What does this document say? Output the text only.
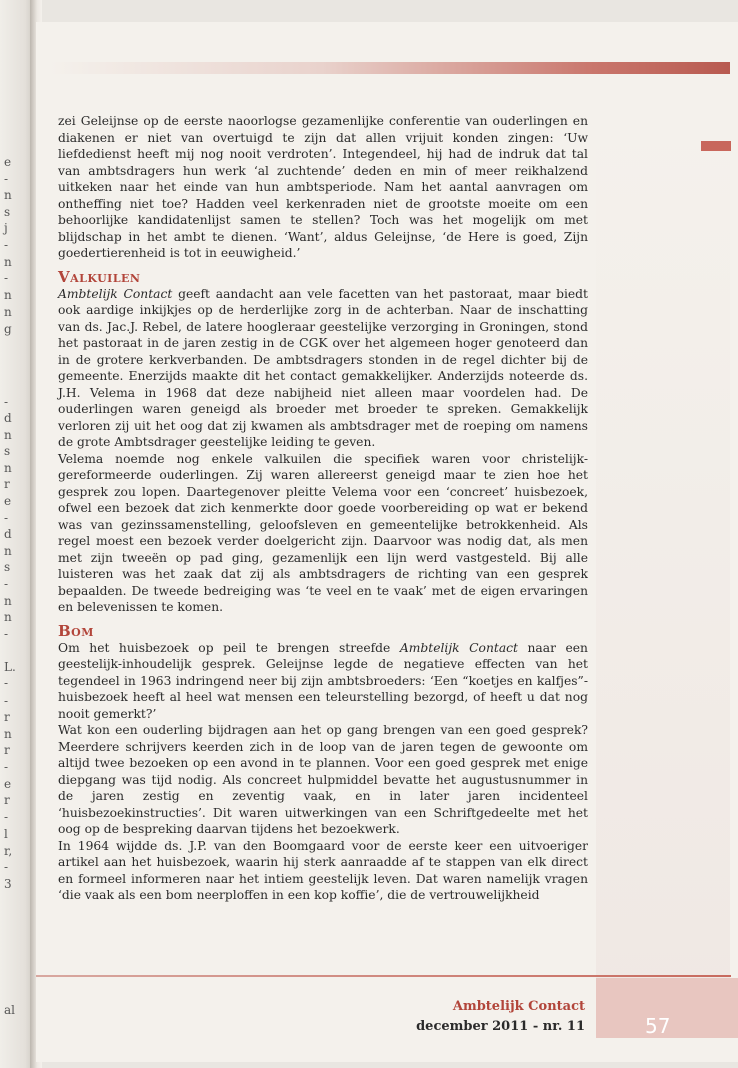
e
-
n
s
j
-
n
-
n
n
g
-
d
n
s
n
r
e
-
d
n
s
-
n
n
-
L.
-
-
r
n
r
-
e
r
-
l
r,
-
3
al

zei Geleijnse op de eerste naoorlogse gezamenlijke conferentie van ouderlingen en diakenen er niet van overtuigd te zijn dat allen vrijuit konden zingen: ‘Uw liefdedienst heeft mij nog nooit verdroten’. Integendeel, hij had de indruk dat tal van ambtsdragers hun werk ‘al zuchtende’ deden en min of meer reikhalzend uitkeken naar het einde van hun ambtsperiode. Nam het aantal aanvragen om ontheffing niet toe? Hadden veel kerkenraden niet de grootste moeite om een behoorlijke kandidatenlijst samen te stellen? Toch was het mogelijk om met blijdschap in het ambt te dienen. ‘Want’, aldus Geleijnse, ‘de Here is goed, Zijn goedertierenheid is tot in eeuwigheid.’

Valkuilen

Ambtelijk Contact geeft aandacht aan vele facetten van het pastoraat, maar biedt ook aardige inkijkjes op de herderlijke zorg in de achterban. Naar de inschatting van ds. Jac.J. Rebel, de latere hoogleraar geestelijke verzorging in Groningen, stond het pastoraat in de jaren zestig in de CGK over het algemeen hoger genoteerd dan in de grotere kerkverbanden. De ambtsdragers stonden in de regel dichter bij de gemeente. Enerzijds maakte dit het contact gemakkelijker. Anderzijds noteerde ds. J.H. Velema in 1968 dat deze nabijheid niet alleen maar voordelen had. De ouderlingen waren geneigd als broeder met broeder te spreken. Gemakkelijk verloren zij uit het oog dat zij kwamen als ambtsdrager met de roeping om namens de grote Ambtsdrager geestelijke leiding te geven.

Velema noemde nog enkele valkuilen die specifiek waren voor christelijk-gereformeerde ouderlingen. Zij waren allereerst geneigd maar te zien hoe het gesprek zou lopen. Daartegenover pleitte Velema voor een ‘concreet’ huisbezoek, ofwel een bezoek dat zich kenmerkte door goede voorbereiding op wat er bekend was van gezinssamenstelling, geloofsleven en gemeentelijke betrokkenheid. Als regel moest een bezoek verder doelgericht zijn. Daarvoor was nodig dat, als men met zijn tweeën op pad ging, gezamenlijk een lijn werd vastgesteld. Bij alle luisteren was het zaak dat zij als ambtsdragers de richting van een gesprek bepaalden. De tweede bedreiging was ‘te veel en te vaak’ met de eigen ervaringen en belevenissen te komen.

Bom

Om het huisbezoek op peil te brengen streefde Ambtelijk Contact naar een geestelijk-inhoudelijk gesprek. Geleijnse legde de negatieve effecten van het tegendeel in 1963 indringend neer bij zijn ambtsbroeders: ‘Een “koetjes en kalfjes”-huisbezoek heeft al heel wat mensen een teleurstelling bezorgd, of heeft u dat nog nooit gemerkt?’

Wat kon een ouderling bijdragen aan het op gang brengen van een goed gesprek? Meerdere schrijvers keerden zich in de loop van de jaren tegen de gewoonte om altijd twee bezoeken op een avond in te plannen. Voor een goed gesprek met enige diepgang was tijd nodig. Als concreet hulpmiddel bevatte het augustusnummer in de jaren zestig en zeventig vaak, en in later jaren incidenteel ‘huisbezoekinstructies’. Dit waren uitwerkingen van een Schriftgedeelte met het oog op de bespreking daarvan tijdens het bezoekwerk.

In 1964 wijdde ds. J.P. van den Boomgaard voor de eerste keer een uitvoeriger artikel aan het huisbezoek, waarin hij sterk aanraadde af te stappen van elk direct en formeel informeren naar het intiem geestelijk leven. Dat waren namelijk vragen ‘die vaak als een bom neerploffen in een kop koffie’, die de vertrouwelijkheid

Ambtelijk Contact
december 2011 - nr. 11	57
